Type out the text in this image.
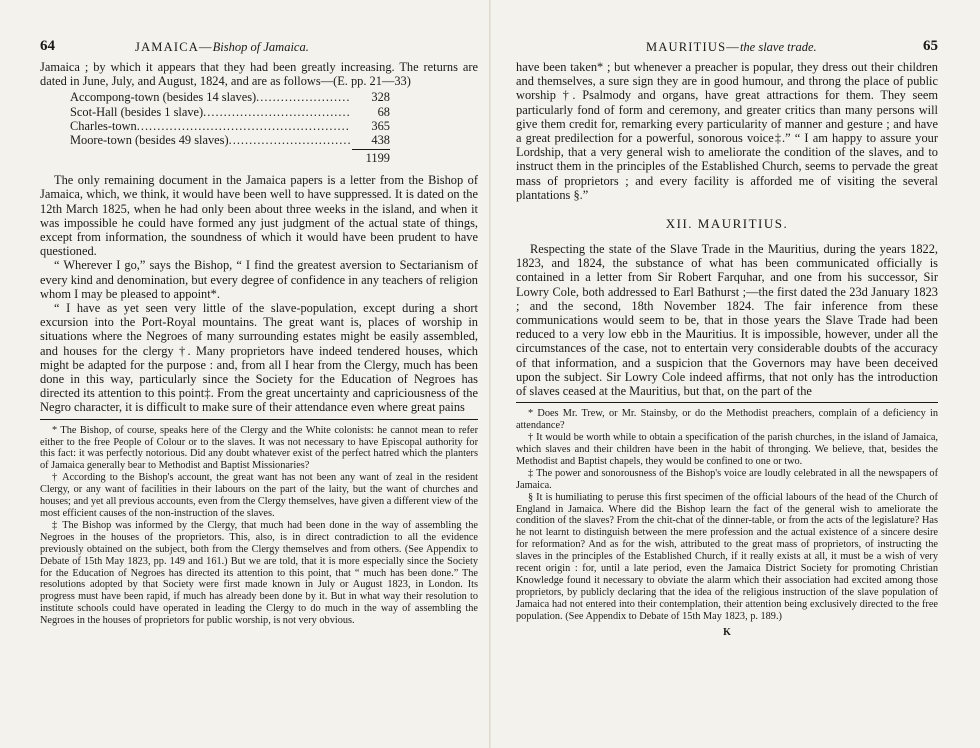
64	JAMAICA—Bishop of Jamaica.

Jamaica ; by which it appears that they had been greatly increasing. The returns are dated in June, July, and August, 1824, and are as follows—(E. pp. 21—33)

Accompong-town (besides 14 slaves) .....	328
Scot-Hall (besides 1 slave) .....	68
Charles-town .....	365
Moore-town (besides 49 slaves) .....	438
1199

The only remaining document in the Jamaica papers is a letter from the Bishop of Jamaica, which, we think, it would have been well to have suppressed. It is dated on the 12th March 1825, when he had only been about three weeks in the island, and when it was impossible he could have formed any just judgment of the actual state of things, except from information, the soundness of which it would have been prudent to have questioned.

“ Wherever I go,” says the Bishop, “ I find the greatest aversion to Sectarianism of every kind and denomination, but every degree of confidence in any teachers of religion whom I may be pleased to appoint*.

“ I have as yet seen very little of the slave-population, except during a short excursion into the Port-Royal mountains. The great want is, places of worship in situations where the Negroes of many surrounding estates might be easily assembled, and houses for the clergy †. Many proprietors have indeed tendered houses, which might be adapted for the purpose : and, from all I hear from the Clergy, much has been done in this way, particularly since the Society for the Education of Negroes has directed its attention to this point‡. From the great uncertainty and capriciousness of the Negro character, it is difficult to make sure of their attendance even where great pains

* The Bishop, of course, speaks here of the Clergy and the White colonists: he cannot mean to refer either to the free People of Colour or to the slaves. It was not necessary to have Episcopal authority for this fact: it was perfectly notorious. Did any doubt whatever exist of the perfect hatred which the planters of Jamaica generally bear to Methodist and Baptist Missionaries?

† According to the Bishop's account, the great want has not been any want of zeal in the resident Clergy, or any want of facilities in their labours on the part of the laity, but the want of churches and houses; and yet all previous accounts, even from the Clergy themselves, have given a different view of the most efficient causes of the non-instruction of the slaves.

‡ The Bishop was informed by the Clergy, that much had been done in the way of assembling the Negroes in the houses of the proprietors. This, also, is in direct contradiction to all the evidence previously obtained on the subject, both from the Clergy themselves and from others. (See Appendix to Debate of 15th May 1823, pp. 149 and 161.) But we are told, that it is more especially since the Society for the Education of Negroes has directed its attention to this point, that “ much has been done.” The resolutions adopted by that Society were first made known in July or August 1823, in London. Its progress must have been rapid, if much has already been done by it. But in what way their resolution to institute schools could have operated in leading the Clergy to do much in the way of assembling the Negroes in the houses of proprietors for public worship, is not very obvious.

MAURITIUS—the slave trade.	65

have been taken* ; but whenever a preacher is popular, they dress out their children and themselves, a sure sign they are in good humour, and throng the place of public worship †. Psalmody and organs, have great attractions for them. They seem particularly fond of form and ceremony, and greater critics than many persons will give them credit for, remarking every particularity of manner and gesture ; and have a great predilection for a powerful, sonorous voice‡.” “ I am happy to assure your Lordship, that a very general wish to ameliorate the condition of the slaves, and to instruct them in the principles of the Established Church, seems to pervade the great mass of proprietors ; and every facility is afforded me of visiting the several plantations §.”

XII. MAURITIUS.

Respecting the state of the Slave Trade in the Mauritius, during the years 1822, 1823, and 1824, the substance of what has been communicated officially is contained in a letter from Sir Robert Farquhar, and one from his successor, Sir Lowry Cole, both addressed to Earl Bathurst ;—the first dated the 23d January 1823 ; and the second, 18th November 1824. The fair inference from these communications would seem to be, that in those years the Slave Trade had been reduced to a very low ebb in the Mauritius. It is impossible, however, under all the circumstances of the case, not to entertain very considerable doubts of the accuracy of that information, and a suspicion that the Governors may have been deceived upon the subject. Sir Lowry Cole indeed affirms, that not only has the introduction of slaves ceased at the Mauritius, but that, on the part of the

* Does Mr. Trew, or Mr. Stainsby, or do the Methodist preachers, complain of a deficiency in attendance?

† It would be worth while to obtain a specification of the parish churches, in the island of Jamaica, which slaves and their children have been in the habit of thronging. We believe, that, besides the Methodist and Baptist chapels, they would be confined to one or two.

‡ The power and sonorousness of the Bishop's voice are loudly celebrated in all the newspapers of Jamaica.

§ It is humiliating to peruse this first specimen of the official labours of the head of the Church of England in Jamaica. Where did the Bishop learn the fact of the general wish to ameliorate the condition of the slaves? From the chit-chat of the dinner-table, or from the acts of the legislature? Has he not learnt to distinguish between the mere profession and the actual existence of a sincere desire for reformation? And as for the wish, attributed to the great mass of proprietors, of instructing the slaves in the principles of the Established Church, if it really exists at all, it must be a wish of very recent origin : for, until a late period, even the Jamaica District Society for promoting Christian Knowledge found it necessary to obviate the alarm which their association had excited among those proprietors, by publicly declaring that the idea of the religious instruction of the slave population of Jamaica had not entered into their contemplation, their attention being exclusively directed to the free population. (See Appendix to Debate of 15th May 1823, p. 189.)

K
